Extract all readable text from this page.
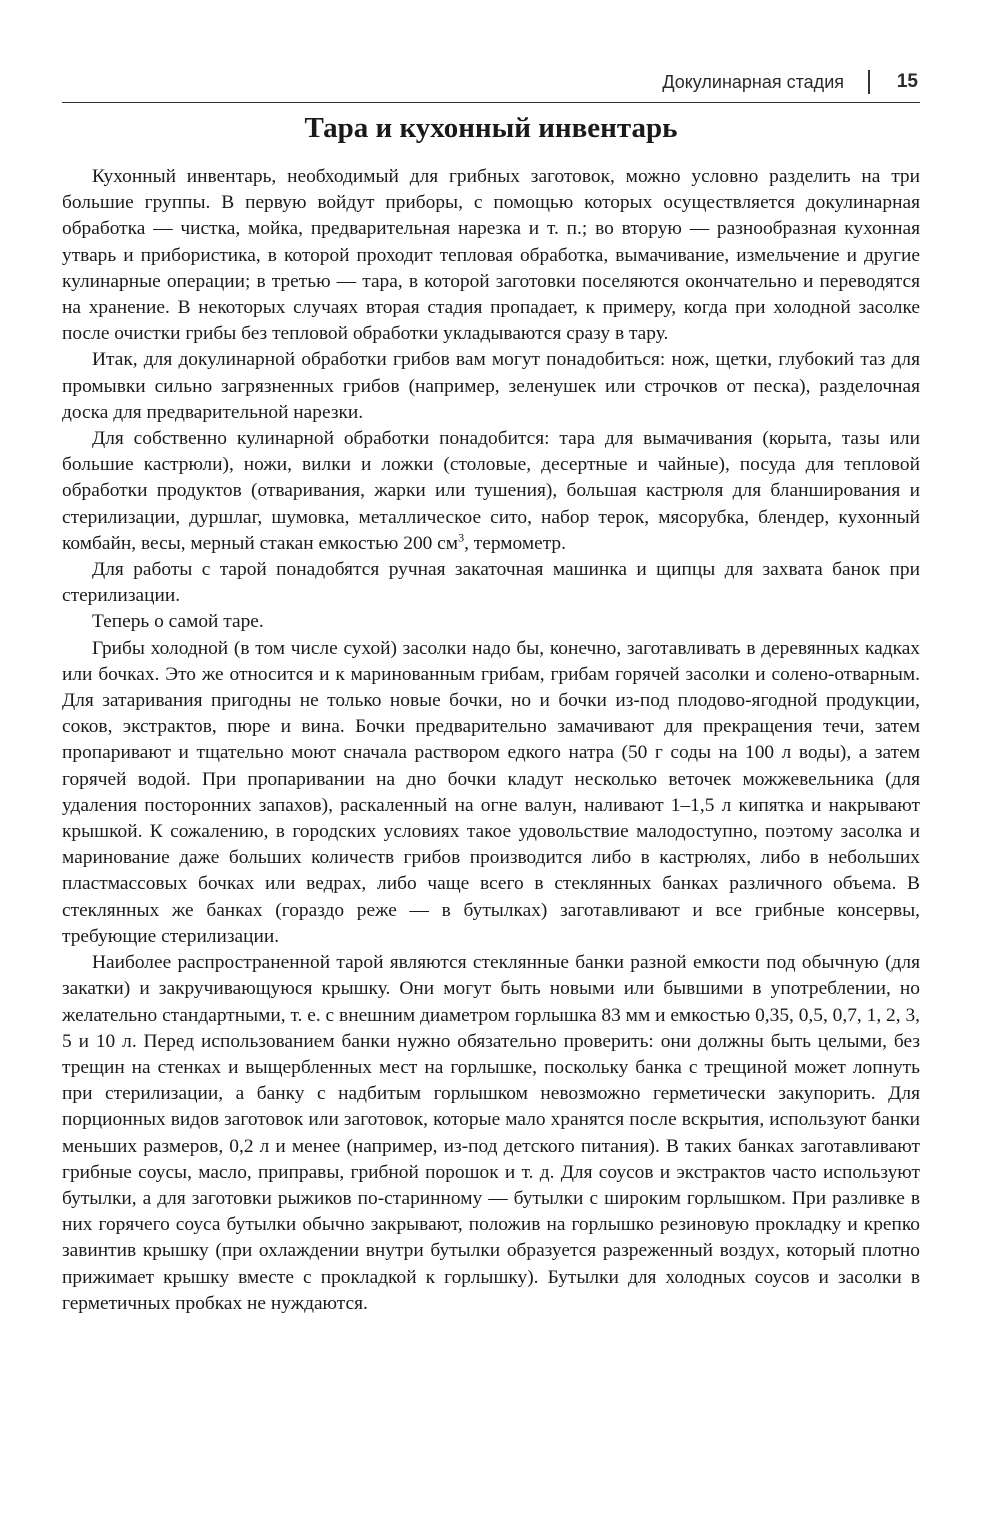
Докулинарная стадия	15
Тара и кухонный инвентарь

Кухонный инвентарь, необходимый для грибных заготовок, можно условно разделить на три большие группы. В первую войдут приборы, с помощью которых осуществляется докулинарная обработка — чистка, мойка, предварительная нарезка и т. п.; во вторую — разнообразная кухонная утварь и прибористика, в которой проходит тепловая обработка, вымачивание, измельчение и другие кулинарные операции; в третью — тара, в которой заготовки поселяются окончательно и переводятся на хранение. В некоторых случаях вторая стадия пропадает, к примеру, когда при холодной засолке после очистки грибы без тепловой обработки укладываются сразу в тару.

Итак, для докулинарной обработки грибов вам могут понадобиться: нож, щетки, глубокий таз для промывки сильно загрязненных грибов (например, зеленушек или строчков от песка), разделочная доска для предварительной нарезки.

Для собственно кулинарной обработки понадобится: тара для вымачивания (корыта, тазы или большие кастрюли), ножи, вилки и ложки (столовые, десертные и чайные), посуда для тепловой обработки продуктов (отваривания, жарки или тушения), большая кастрюля для бланширования и стерилизации, дуршлаг, шумовка, металлическое сито, набор терок, мясорубка, блендер, кухонный комбайн, весы, мерный стакан емкостью 200 $см^3$, термометр.

Для работы с тарой понадобятся ручная закаточная машинка и щипцы для захвата банок при стерилизации.

Теперь о самой таре.

Грибы холодной (в том числе сухой) засолки надо бы, конечно, заготавливать в деревянных кадках или бочках. Это же относится и к маринованным грибам, грибам горячей засолки и солено-отварным. Для затаривания пригодны не только новые бочки, но и бочки из-под плодово-ягодной продукции, соков, экстрактов, пюре и вина. Бочки предварительно замачивают для прекращения течи, затем пропаривают и тщательно моют сначала раствором едкого натра (50 г соды на 100 л воды), а затем горячей водой. При пропаривании на дно бочки кладут несколько веточек можжевельника (для удаления посторонних запахов), раскаленный на огне валун, наливают 1–1,5 л кипятка и накрывают крышкой. К сожалению, в городских условиях такое удовольствие малодоступно, поэтому засолка и маринование даже больших количеств грибов производится либо в кастрюлях, либо в небольших пластмассовых бочках или ведрах, либо чаще всего в стеклянных банках различного объема. В стеклянных же банках (гораздо реже — в бутылках) заготавливают и все грибные консервы, требующие стерилизации.

Наиболее распространенной тарой являются стеклянные банки разной емкости под обычную (для закатки) и закручивающуюся крышку. Они могут быть новыми или бывшими в употреблении, но желательно стандартными, т. е. с внешним диаметром горлышка 83 мм и емкостью 0,35, 0,5, 0,7, 1, 2, 3, 5 и 10 л. Перед использованием банки нужно обязательно проверить: они должны быть целыми, без трещин на стенках и выщербленных мест на горлышке, поскольку банка с трещиной может лопнуть при стерилизации, а банку с надбитым горлышком невозможно герметически закупорить. Для порционных видов заготовок или заготовок, которые мало хранятся после вскрытия, используют банки меньших размеров, 0,2 л и менее (например, из-под детского питания). В таких банках заготавливают грибные соусы, масло, приправы, грибной порошок и т. д. Для соусов и экстрактов часто используют бутылки, а для заготовки рыжиков по-старинному — бутылки с широким горлышком. При разливке в них горячего соуса бутылки обычно закрывают, положив на горлышко резиновую прокладку и крепко завинтив крышку (при охлаждении внутри бутылки образуется разреженный воздух, который плотно прижимает крышку вместе с прокладкой к горлышку). Бутылки для холодных соусов и засолки в герметичных пробках не нуждаются.
